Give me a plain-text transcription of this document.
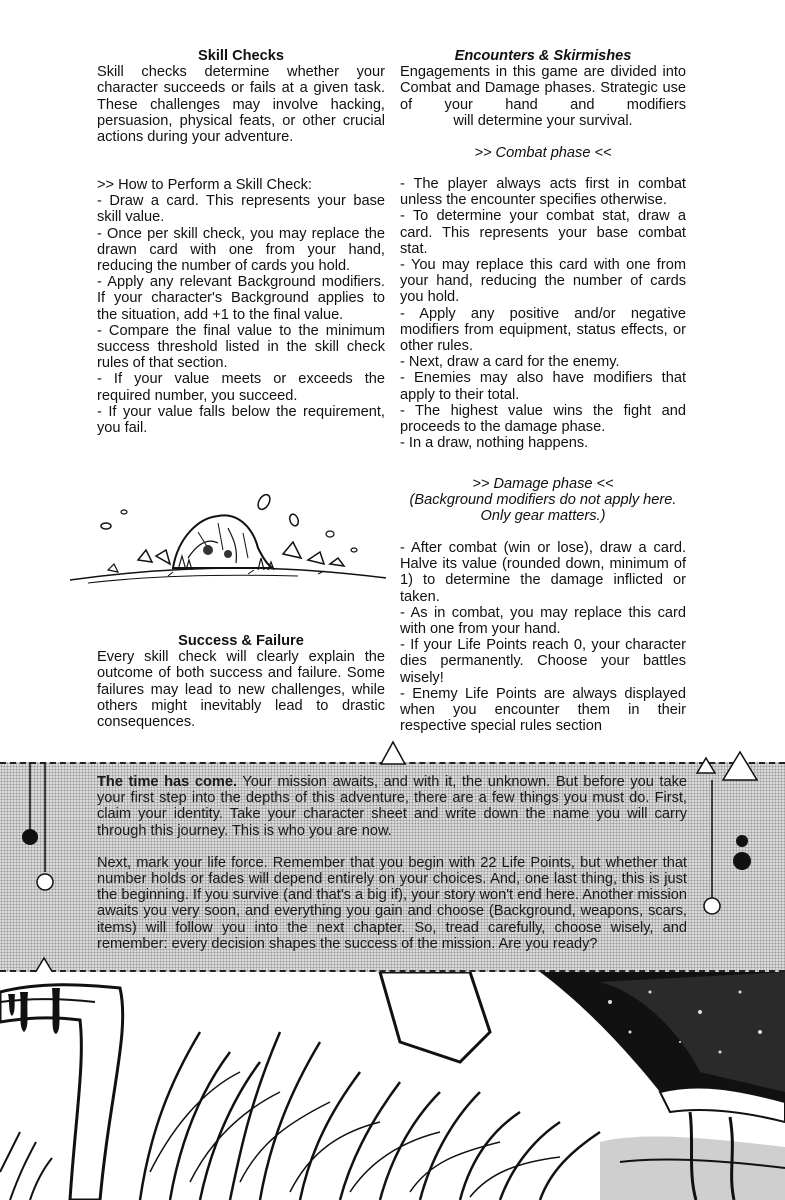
Skill Checks

Skill checks determine whether your character succeeds or fails at a given task. These challenges may involve hacking, persuasion, physical feats, or other crucial actions during your adventure.

>> How to Perform a Skill Check:

- Draw a card. This represents your base skill value.

- Once per skill check, you may replace the drawn card with one from your hand, reducing the number of cards you hold.

- Apply any relevant Background modifiers. If your character's Background applies to the situation, add +1 to the final value.

- Compare the final value to the minimum success threshold listed in the skill check rules of that section.

- If your value meets or exceeds the required number, you succeed.

- If your value falls below the requirement, you fail.

Success & Failure

Every skill check will clearly explain the outcome of both success and failure. Some failures may lead to new challenges, while others might inevitably lead to drastic consequences.

Encounters & Skirmishes

Engagements in this game are divided into Combat and Damage phases. Strategic use of your hand and modifiers

will determine your survival.

>> Combat phase <<

- The player always acts first in combat unless the encounter specifies otherwise.

- To determine your combat stat, draw a card. This represents your base combat stat.

- You may replace this card with one from your hand, reducing the number of cards you hold.

- Apply any positive and/or negative modifiers from equipment, status effects, or other rules.

- Next, draw a card for the enemy.

- Enemies may also have modifiers that apply to their total.

- The highest value wins the fight and proceeds to the damage phase.

- In a draw, nothing happens.

>> Damage phase <<

(Background modifiers do not apply here. Only gear matters.)

- After combat (win or lose), draw a card. Halve its value (rounded down, minimum of 1) to determine the damage inflicted or taken.

- As in combat, you may replace this card with one from your hand.

- If your Life Points reach 0, your character dies permanently. Choose your battles wisely!

- Enemy Life Points are always displayed when you encounter them in their respective special rules section

The time has come. Your mission awaits, and with it, the unknown. But before you take your first step into the depths of this adventure, there are a few things you must do. First, claim your identity. Take your character sheet and write down the name you will carry through this journey. This is who you are now.

Next, mark your life force. Remember that you begin with 22 Life Points, but whether that number holds or fades will depend entirely on your choices. And, one last thing, this is just the beginning. If you survive (and that's a big if), your story won't end here. Another mission awaits you very soon, and everything you gain and choose (Background, weapons, scars, items) will follow you into the next chapter. So, tread carefully, choose wisely, and remember: every decision shapes the success of the mission. Are you ready?
